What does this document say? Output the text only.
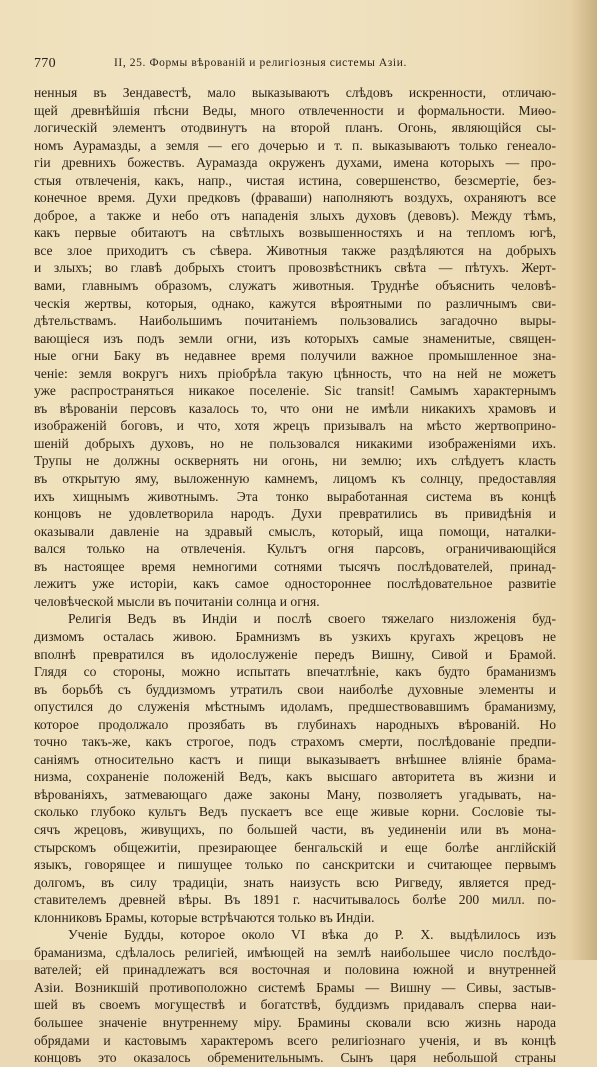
770	II, 25. Формы вѣрованій и религіозныя системы Азіи.
ненныя въ Зендавестѣ, мало выказываютъ слѣдовъ искренности, отличаю-
щей древнѣйшія пѣсни Веды, много отвлеченности и формальности. Миѳо-
логическій элементъ отодвинутъ на второй планъ. Огонь, являющійся сы-
номъ Аурамазды, а земля — его дочерью и т. п. выказываютъ только генеало-
гіи древнихъ божествъ. Аурамазда окруженъ духами, имена которыхъ — про-
стыя отвлеченія, какъ, напр., чистая истина, совершенство, безсмертіе, без-
конечное время. Духи предковъ (фраваши) наполняютъ воздухъ, охраняютъ все
доброе, а также и небо отъ нападенія злыхъ духовъ (девовъ). Между тѣмъ,
какъ первые обитаютъ на свѣтлыхъ возвышенностяхъ и на тепломъ югѣ,
все злое приходитъ съ сѣвера. Животныя также раздѣляются на добрыхъ
и злыхъ; во главѣ добрыхъ стоитъ провозвѣстникъ свѣта — пѣтухъ. Жерт-
вами, главнымъ образомъ, служатъ животныя. Труднѣе объяснить человѣ-
ческія жертвы, которыя, однако, кажутся вѣроятными по различнымъ сви-
дѣтельствамъ. Наибольшимъ почитаніемъ пользовались загадочно выры-
вающіеся изъ подъ земли огни, изъ которыхъ самые знаменитые, священ-
ные огни Баку въ недавнее время получили важное промышленное зна-
ченіе: земля вокругъ нихъ пріобрѣла такую цѣнность, что на ней не можетъ
уже распространяться никакое поселеніе. Sic transit! Самымъ характернымъ
въ вѣрованіи персовъ казалось то, что они не имѣли никакихъ храмовъ и
изображеній боговъ, и что, хотя жрецъ призывалъ на мѣсто жертвоприно-
шеній добрыхъ духовъ, но не пользовался никакими изображеніями ихъ.
Трупы не должны осквернять ни огонь, ни землю; ихъ слѣдуетъ класть
въ открытую яму, выложенную камнемъ, лицомъ къ солнцу, предоставляя
ихъ хищнымъ животнымъ. Эта тонко выработанная система въ концѣ
концовъ не удовлетворила народъ. Духи превратились въ привидѣнія и
оказывали давленіе на здравый смыслъ, который, ища помощи, наталки-
вался только на отвлеченія. Культъ огня парсовъ, ограничивающійся
въ настоящее время немногими сотнями тысячъ послѣдователей, принад-
лежитъ уже исторіи, какъ самое одностороннее послѣдовательное развитіе
человѣческой мысли въ почитаніи солнца и огня.
Религія Ведъ въ Индіи и послѣ своего тяжелаго низложенія буд-
дизмомъ осталась живою. Брамнизмъ въ узкихъ кругахъ жрецовъ не
вполнѣ превратился въ идолослуженіе передъ Вишну, Сивой и Брамой.
Глядя со стороны, можно испытать впечатлѣніе, какъ будто браманизмъ
въ борьбѣ съ буддизмомъ утратилъ свои наиболѣе духовные элементы и
опустился до служенія мѣстнымъ идоламъ, предшествовавшимъ браманизму,
которое продолжало прозябать въ глубинахъ народныхъ вѣрованій. Но
точно такъ-же, какъ строгое, подъ страхомъ смерти, послѣдованіе предпи-
саніямъ относительно кастъ и пищи выказываетъ внѣшнее вліяніе брама-
низма, сохраненіе положеній Ведъ, какъ высшаго авторитета въ жизни и
вѣрованіяхъ, затмевающаго даже законы Ману, позволяетъ угадывать, на-
сколько глубоко культъ Ведъ пускаетъ все еще живые корни. Сословіе ты-
сячъ жрецовъ, живущихъ, по большей части, въ уединеніи или въ мона-
стырскомъ общежитіи, презирающее бенгальскій и еще болѣе англійскій
языкъ, говорящее и пишущее только по санскритски и считающее первымъ
долгомъ, въ силу традиціи, знать наизусть всю Ригведу, является пред-
ставителемъ древней вѣры. Въ 1891 г. насчитывалось болѣе 200 милл. по-
клонниковъ Брамы, которые встрѣчаются только въ Индіи.
Ученіе Будды, которое около VI вѣка до Р. Х. выдѣлилось изъ
браманизма, сдѣлалось религіей, имѣющей на землѣ наибольшее число послѣдо-
вателей; ей принадлежатъ вся восточная и половина южной и внутренней
Азіи. Возникшій противоположно системѣ Брамы — Вишну — Сивы, застыв-
шей въ своемъ могуществѣ и богатствѣ, буддизмъ придавалъ сперва наи-
большее значеніе внутреннему міру. Брамины сковали всю жизнь народа
обрядами и кастовымъ характеромъ всего религіознаго ученія, и въ концѣ
концовъ это оказалось обременительнымъ. Сынъ царя небольшой страны
